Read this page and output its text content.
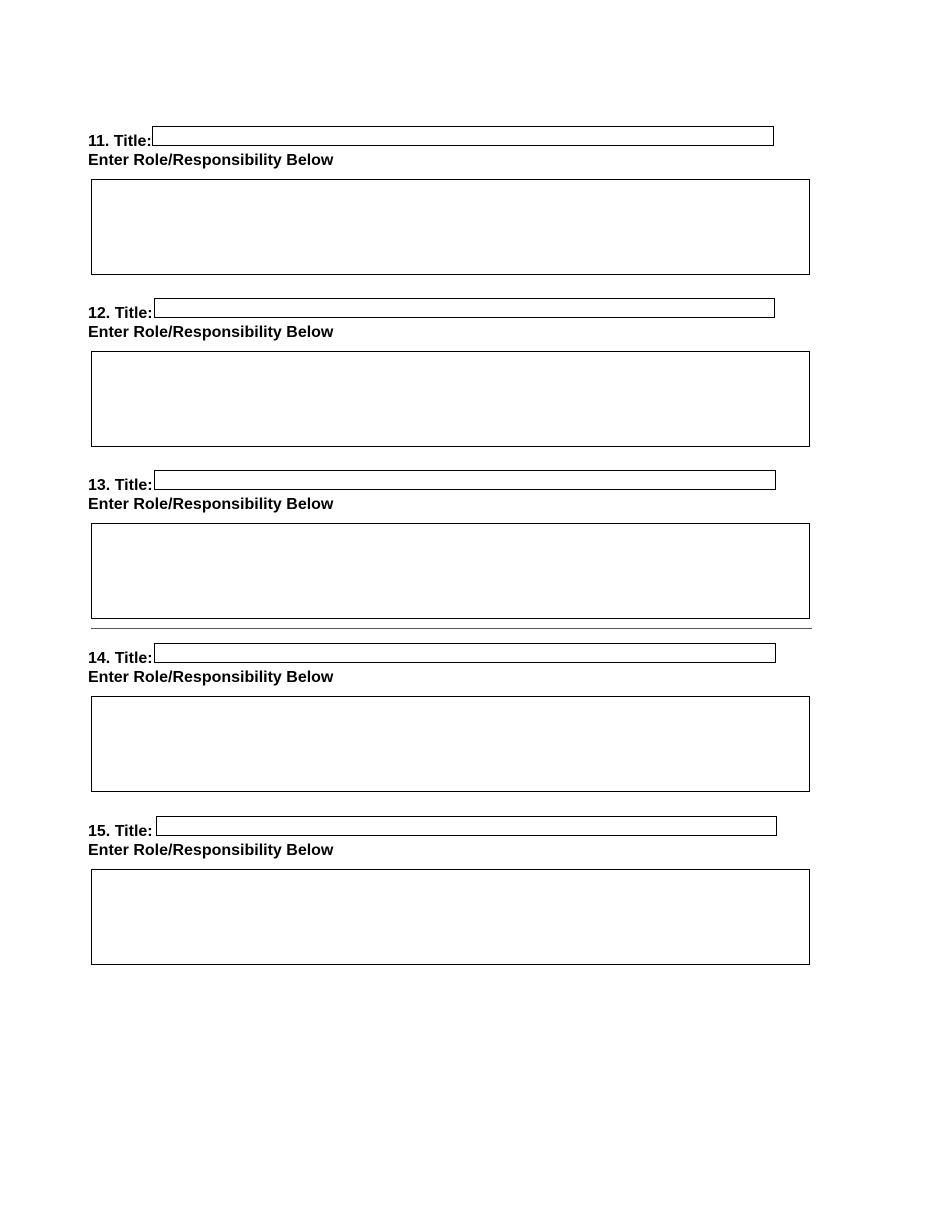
11. Title:
Enter Role/Responsibility Below
12. Title:
Enter Role/Responsibility Below
13. Title:
Enter Role/Responsibility Below
14. Title:
Enter Role/Responsibility Below
15. Title:
Enter Role/Responsibility Below
